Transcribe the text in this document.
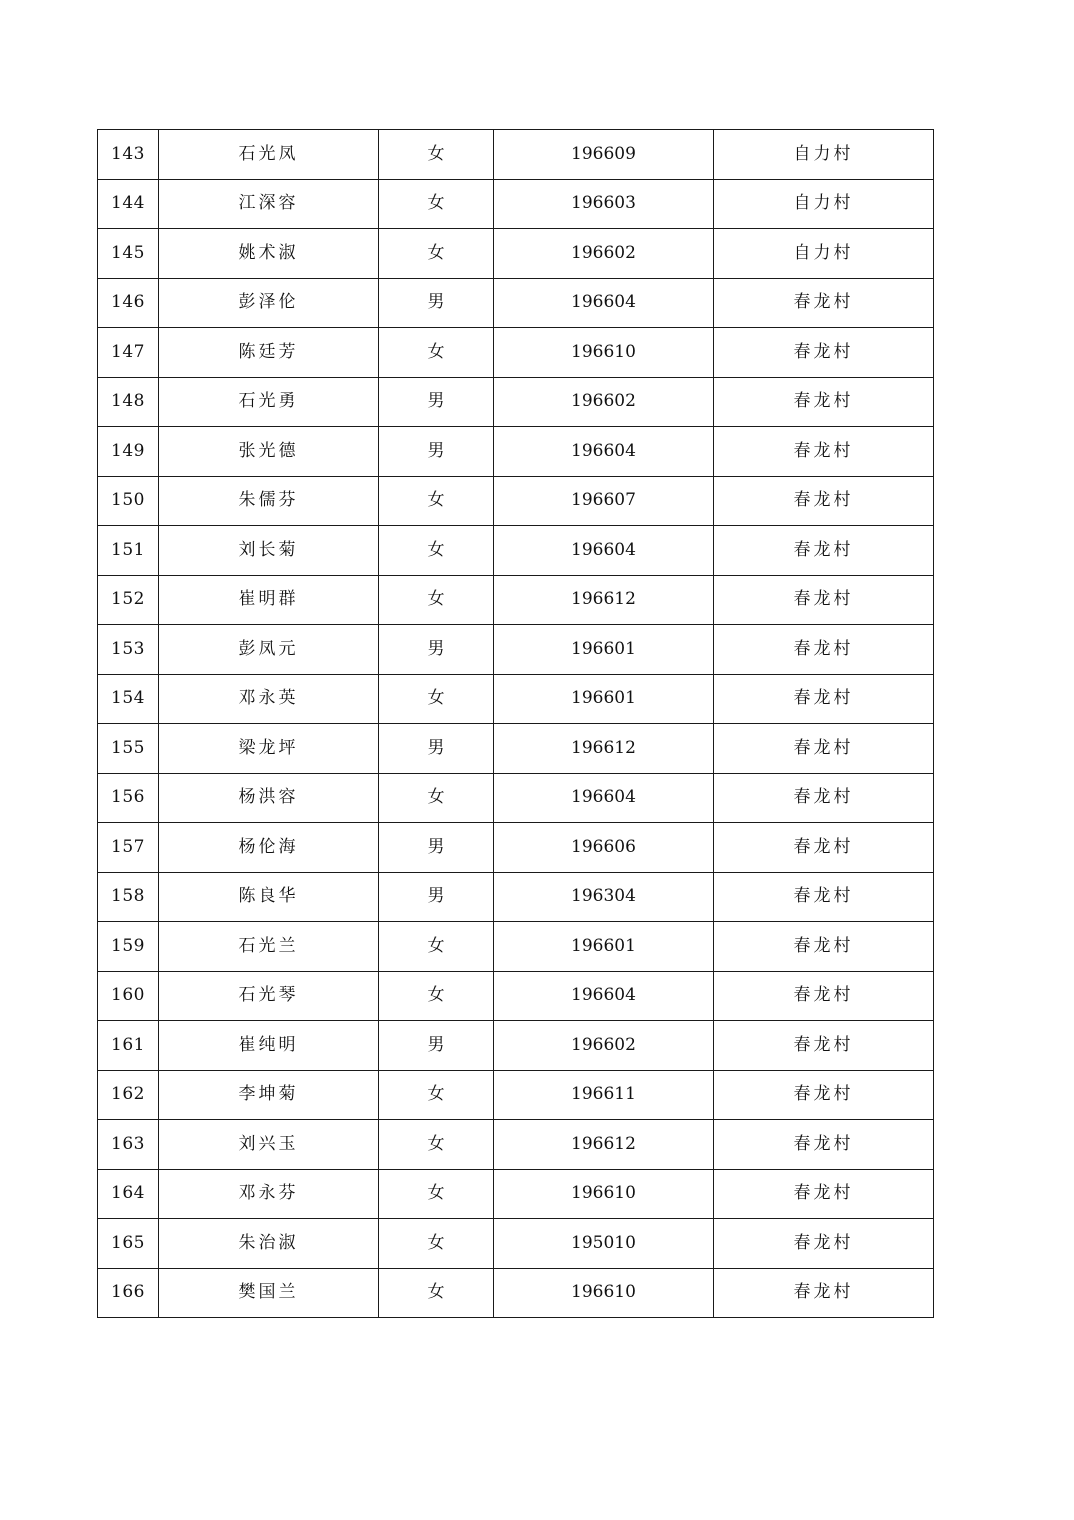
143	石光凤	女	196609	自力村
144	江深容	女	196603	自力村
145	姚术淑	女	196602	自力村
146	彭泽伦	男	196604	春龙村
147	陈廷芳	女	196610	春龙村
148	石光勇	男	196602	春龙村
149	张光德	男	196604	春龙村
150	朱儒芬	女	196607	春龙村
151	刘长菊	女	196604	春龙村
152	崔明群	女	196612	春龙村
153	彭凤元	男	196601	春龙村
154	邓永英	女	196601	春龙村
155	梁龙坪	男	196612	春龙村
156	杨洪容	女	196604	春龙村
157	杨伦海	男	196606	春龙村
158	陈良华	男	196304	春龙村
159	石光兰	女	196601	春龙村
160	石光琴	女	196604	春龙村
161	崔纯明	男	196602	春龙村
162	李坤菊	女	196611	春龙村
163	刘兴玉	女	196612	春龙村
164	邓永芬	女	196610	春龙村
165	朱治淑	女	195010	春龙村
166	樊国兰	女	196610	春龙村
